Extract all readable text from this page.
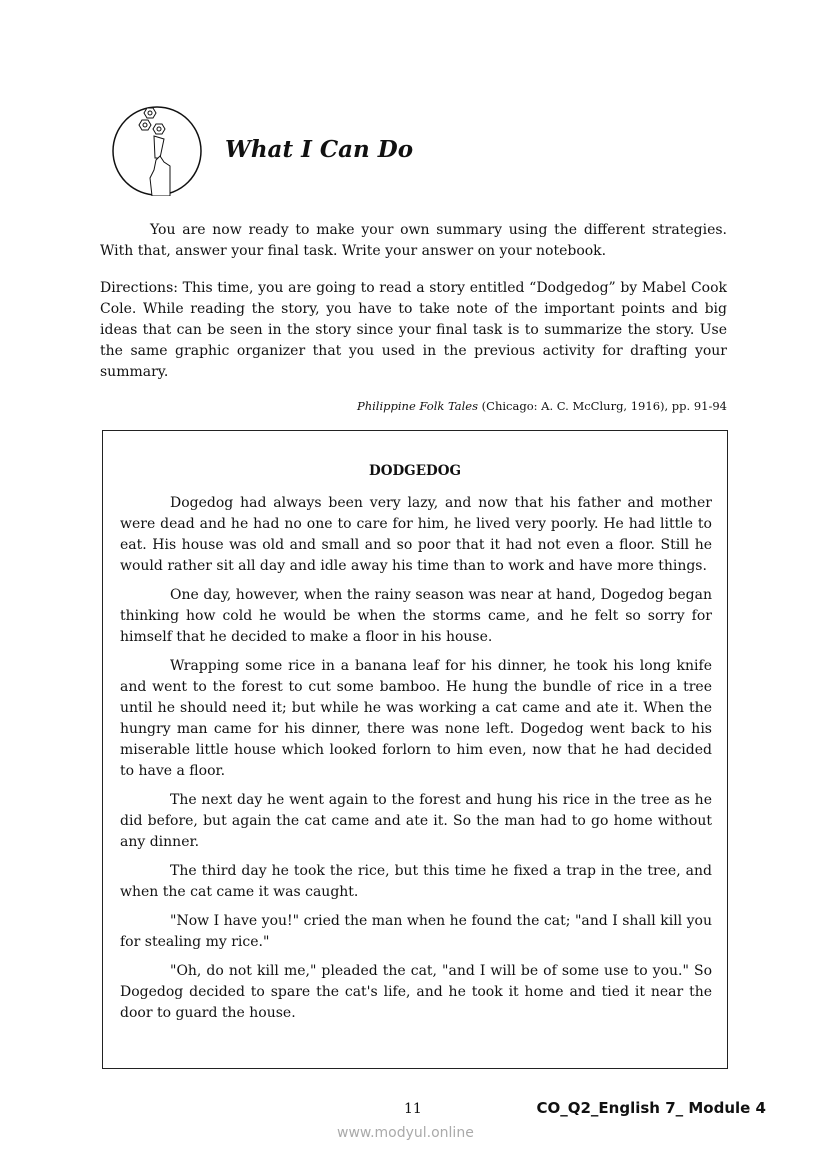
What I Can Do

You are now ready to make your own summary using the different strategies. With that, answer your final task. Write your answer on your notebook.

Directions: This time, you are going to read a story entitled “Dodgedog” by Mabel Cook Cole. While reading the story, you have to take note of the important points and big ideas that can be seen in the story since your final task is to summarize the story. Use the same graphic organizer that you used in the previous activity for drafting your summary.

Philippine Folk Tales (Chicago: A. C. McClurg, 1916), pp. 91-94
DODGEDOG

Dogedog had always been very lazy, and now that his father and mother were dead and he had no one to care for him, he lived very poorly. He had little to eat. His house was old and small and so poor that it had not even a floor. Still he would rather sit all day and idle away his time than to work and have more things.

One day, however, when the rainy season was near at hand, Dogedog began thinking how cold he would be when the storms came, and he felt so sorry for himself that he decided to make a floor in his house.

Wrapping some rice in a banana leaf for his dinner, he took his long knife and went to the forest to cut some bamboo. He hung the bundle of rice in a tree until he should need it; but while he was working a cat came and ate it. When the hungry man came for his dinner, there was none left. Dogedog went back to his miserable little house which looked forlorn to him even, now that he had decided to have a floor.

The next day he went again to the forest and hung his rice in the tree as he did before, but again the cat came and ate it. So the man had to go home without any dinner.

The third day he took the rice, but this time he fixed a trap in the tree, and when the cat came it was caught.

"Now I have you!" cried the man when he found the cat; "and I shall kill you for stealing my rice."

"Oh, do not kill me," pleaded the cat, "and I will be of some use to you." So Dogedog decided to spare the cat's life, and he took it home and tied it near the door to guard the house.

11	CO_Q2_English 7_ Module 4
www.modyul.online
